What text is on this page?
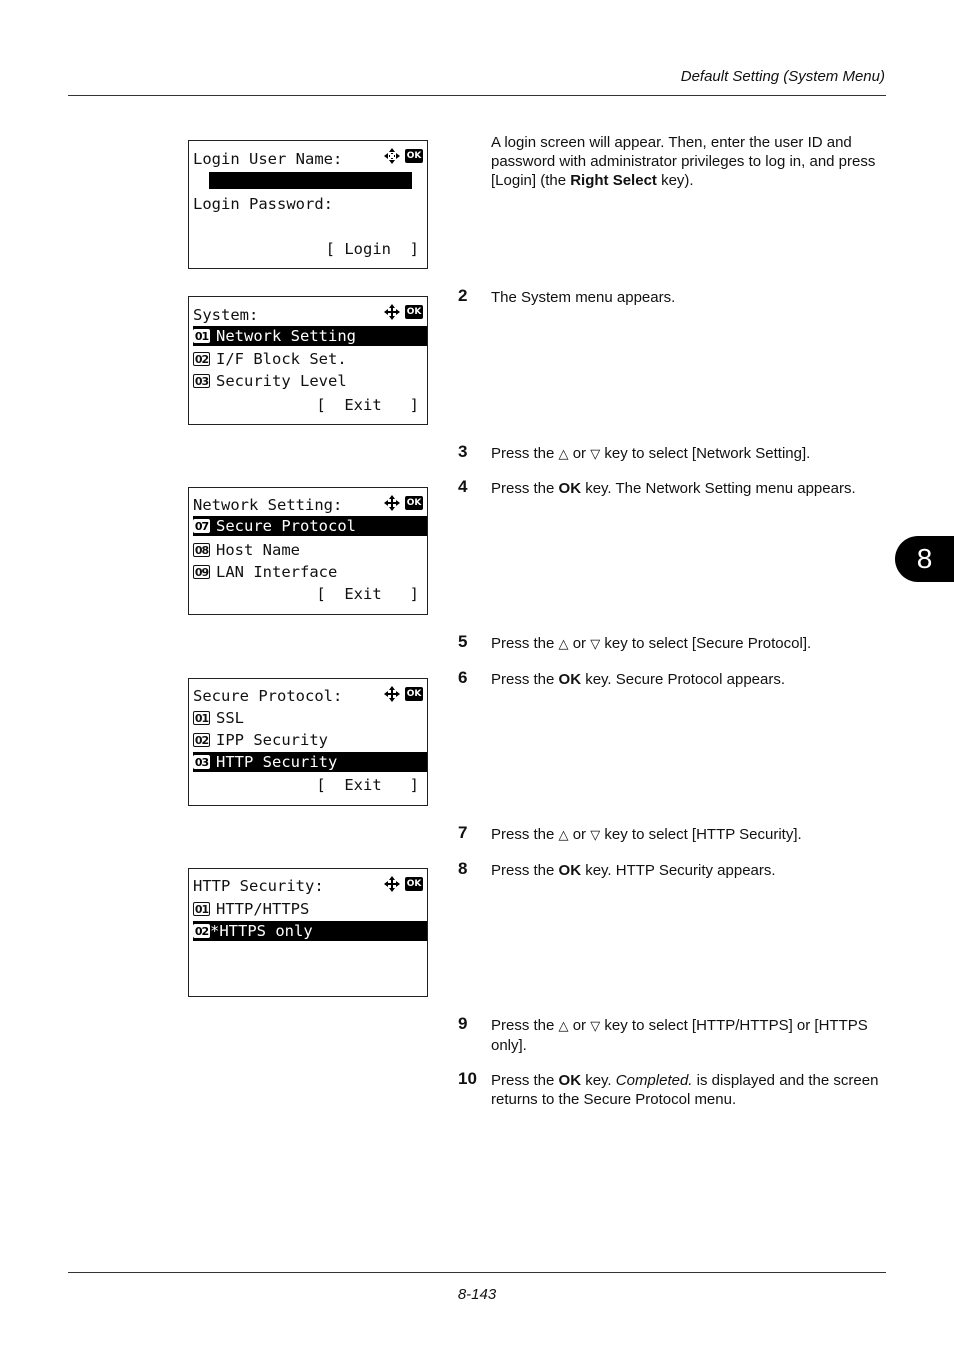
Default Setting (System Menu)
8
Login User Name:	OK
Login Password:
[ Login  ]
System:	OK
01 Network Setting
02 I/F Block Set.
03 Security Level
[  Exit   ]
Network Setting:	OK
07 Secure Protocol
08 Host Name
09 LAN Interface
[  Exit   ]
Secure Protocol:	OK
01 SSL
02 IPP Security
03 HTTP Security
[  Exit   ]
HTTP Security:	OK
01 HTTP/HTTPS
02 *HTTPS only
A login screen will appear. Then, enter the user ID and password with administrator privileges to log in, and press [Login] (the Right Select key).
2 The System menu appears.
3 Press the △ or ▽ key to select [Network Setting].
4 Press the OK key. The Network Setting menu appears.
5 Press the △ or ▽ key to select [Secure Protocol].
6 Press the OK key. Secure Protocol appears.
7 Press the △ or ▽ key to select [HTTP Security].
8 Press the OK key. HTTP Security appears.
9 Press the △ or ▽ key to select [HTTP/HTTPS] or [HTTPS only].
10 Press the OK key. Completed. is displayed and the screen returns to the Secure Protocol menu.
8-143
